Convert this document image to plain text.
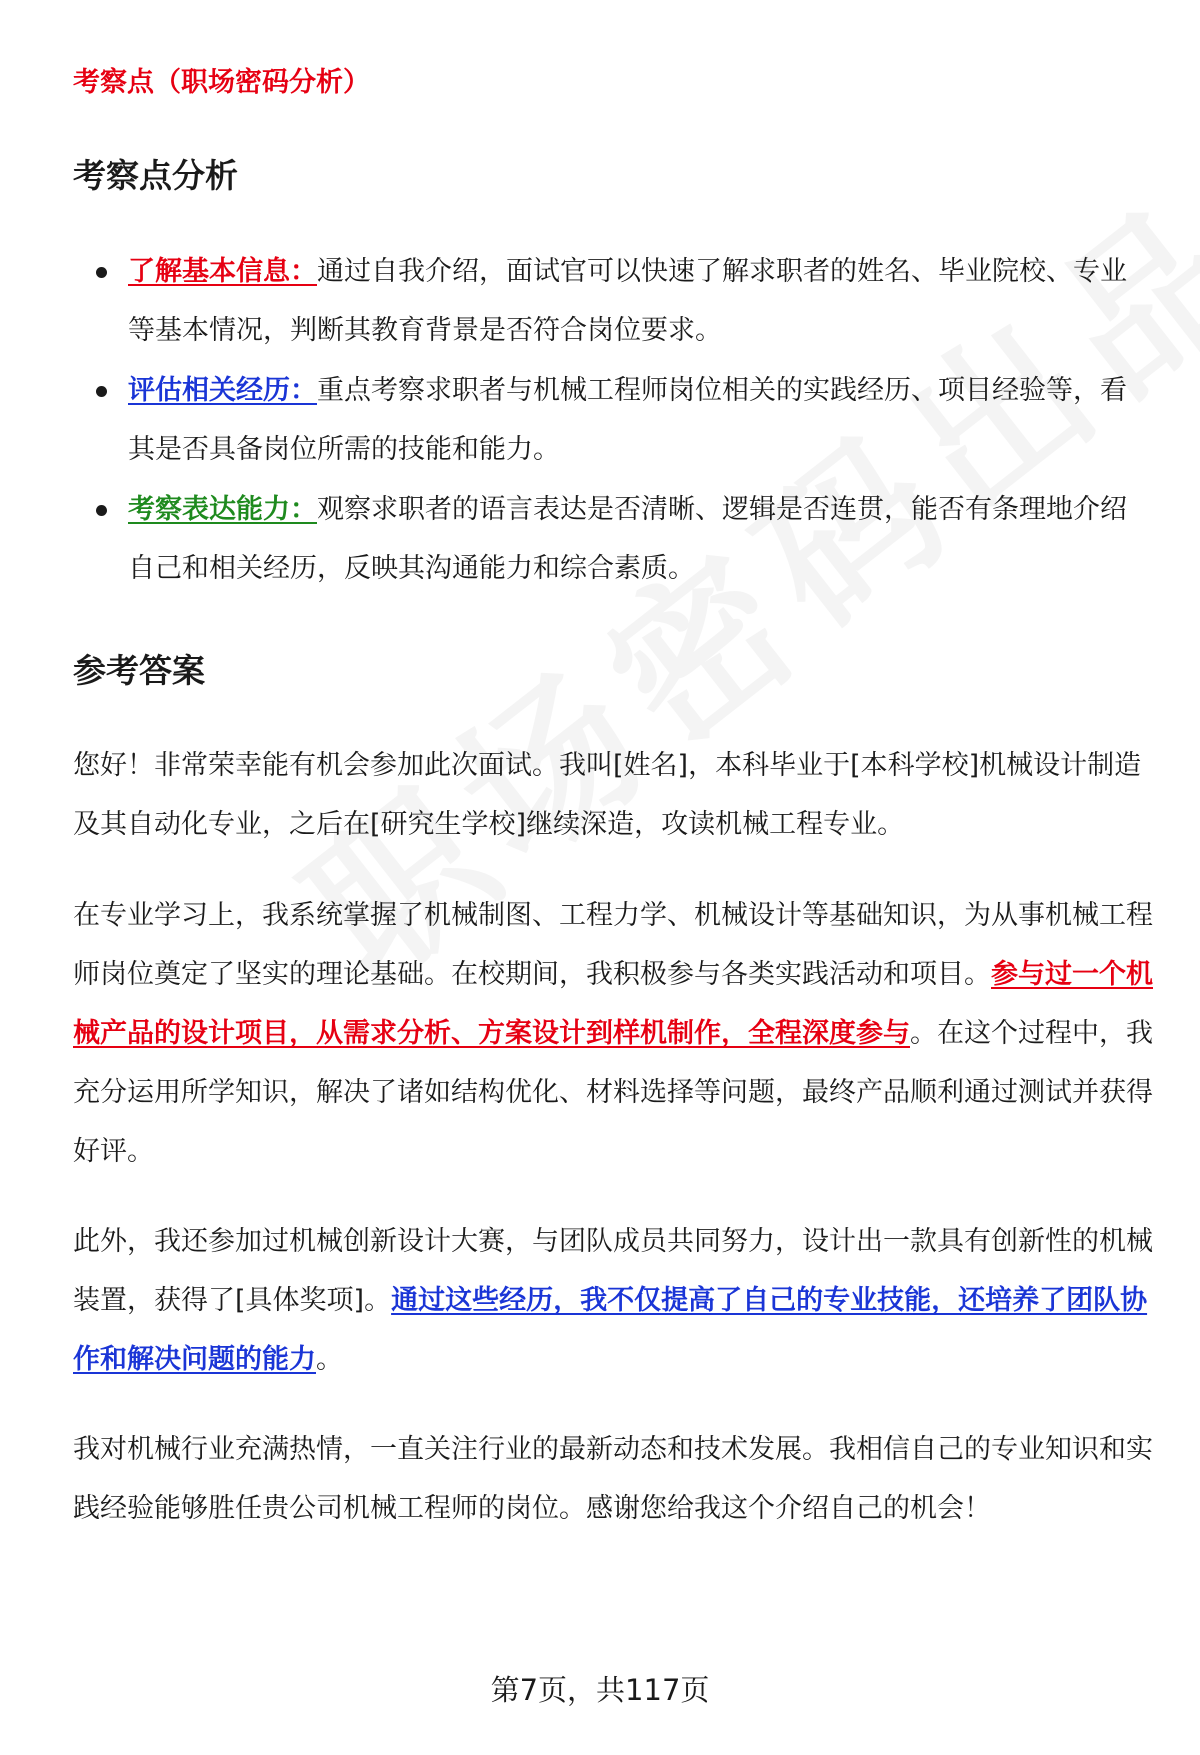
考察点（职场密码分析）
考察点分析
了解基本信息：通过自我介绍，面试官可以快速了解求职者的姓名、毕业院校、专业等基本情况，判断其教育背景是否符合岗位要求。
评估相关经历：重点考察求职者与机械工程师岗位相关的实践经历、项目经验等，看其是否具备岗位所需的技能和能力。
考察表达能力：观察求职者的语言表达是否清晰、逻辑是否连贯，能否有条理地介绍自己和相关经历，反映其沟通能力和综合素质。
参考答案

您好！非常荣幸能有机会参加此次面试。我叫[姓名]，本科毕业于[本科学校]机械设计制造及其自动化专业，之后在[研究生学校]继续深造，攻读机械工程专业。

在专业学习上，我系统掌握了机械制图、工程力学、机械设计等基础知识，为从事机械工程师岗位奠定了坚实的理论基础。在校期间，我积极参与各类实践活动和项目。参与过一个机械产品的设计项目，从需求分析、方案设计到样机制作，全程深度参与。在这个过程中，我充分运用所学知识，解决了诸如结构优化、材料选择等问题，最终产品顺利通过测试并获得好评。

此外，我还参加过机械创新设计大赛，与团队成员共同努力，设计出一款具有创新性的机械装置，获得了[具体奖项]。通过这些经历，我不仅提高了自己的专业技能，还培养了团队协作和解决问题的能力。

我对机械行业充满热情，一直关注行业的最新动态和技术发展。我相信自己的专业知识和实践经验能够胜任贵公司机械工程师的岗位。感谢您给我这个介绍自己的机会！

第7页，共117页
